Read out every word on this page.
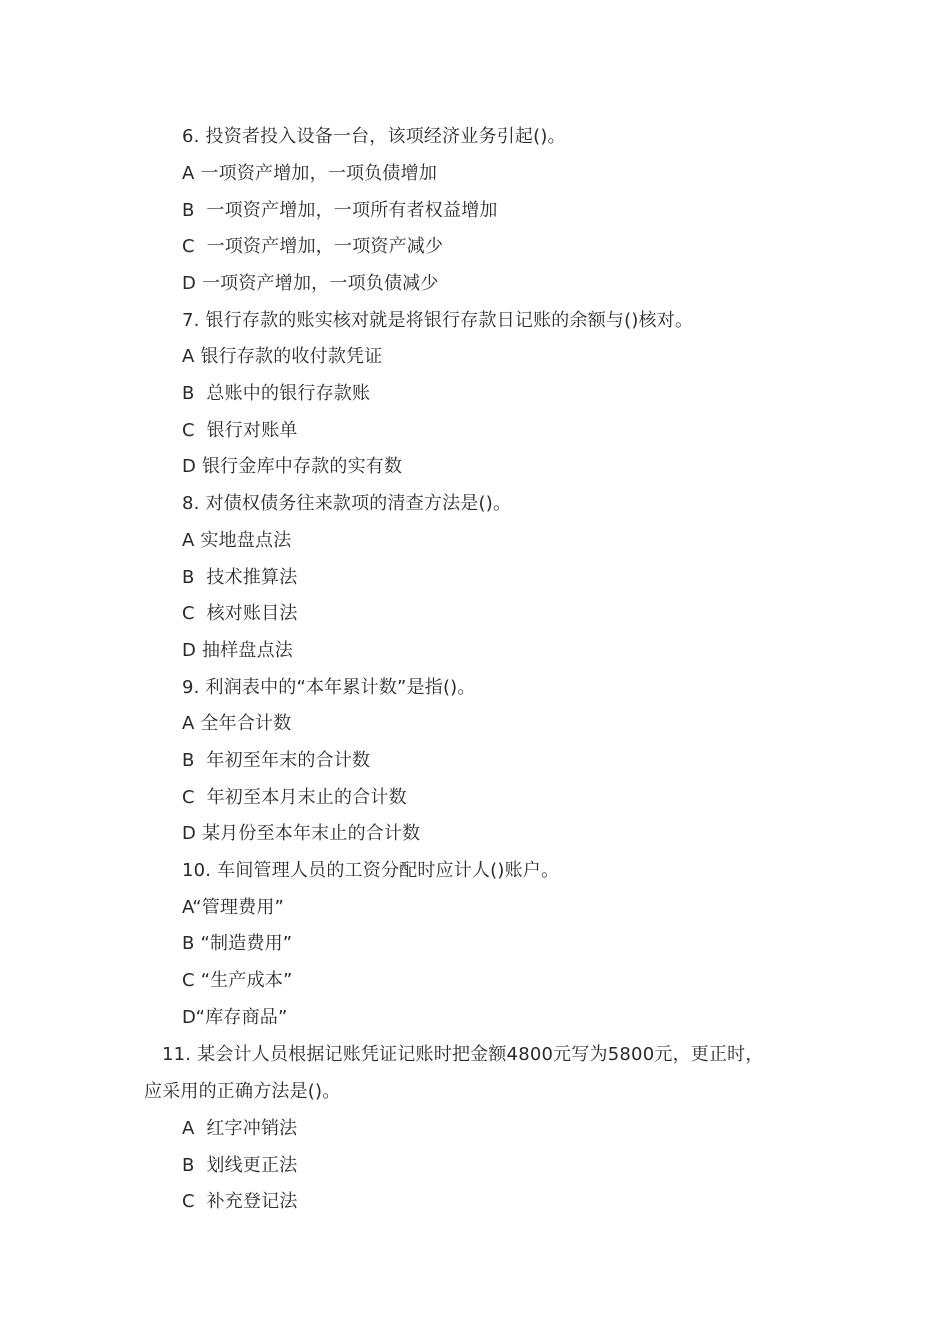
6. 投资者投入设备一台，该项经济业务引起()。
A 一项资产增加，一项负债增加
B  一项资产增加，一项所有者权益增加
C  一项资产增加，一项资产减少
D 一项资产增加，一项负债减少
7. 银行存款的账实核对就是将银行存款日记账的余额与()核对。
A 银行存款的收付款凭证
B  总账中的银行存款账
C  银行对账单
D 银行金库中存款的实有数
8. 对债权债务往来款项的清查方法是()。
A 实地盘点法
B  技术推算法
C  核对账目法
D 抽样盘点法
9. 利润表中的“本年累计数”是指()。
A 全年合计数
B  年初至年末的合计数
C  年初至本月末止的合计数
D 某月份至本年末止的合计数
10. 车间管理人员的工资分配时应计人()账户。
A“管理费用”
B “制造费用”
C “生产成本”
D“库存商品”
11. 某会计人员根据记账凭证记账时把金额4800元写为5800元，更正时，
应采用的正确方法是()。
A  红字冲销法
B  划线更正法
C  补充登记法
